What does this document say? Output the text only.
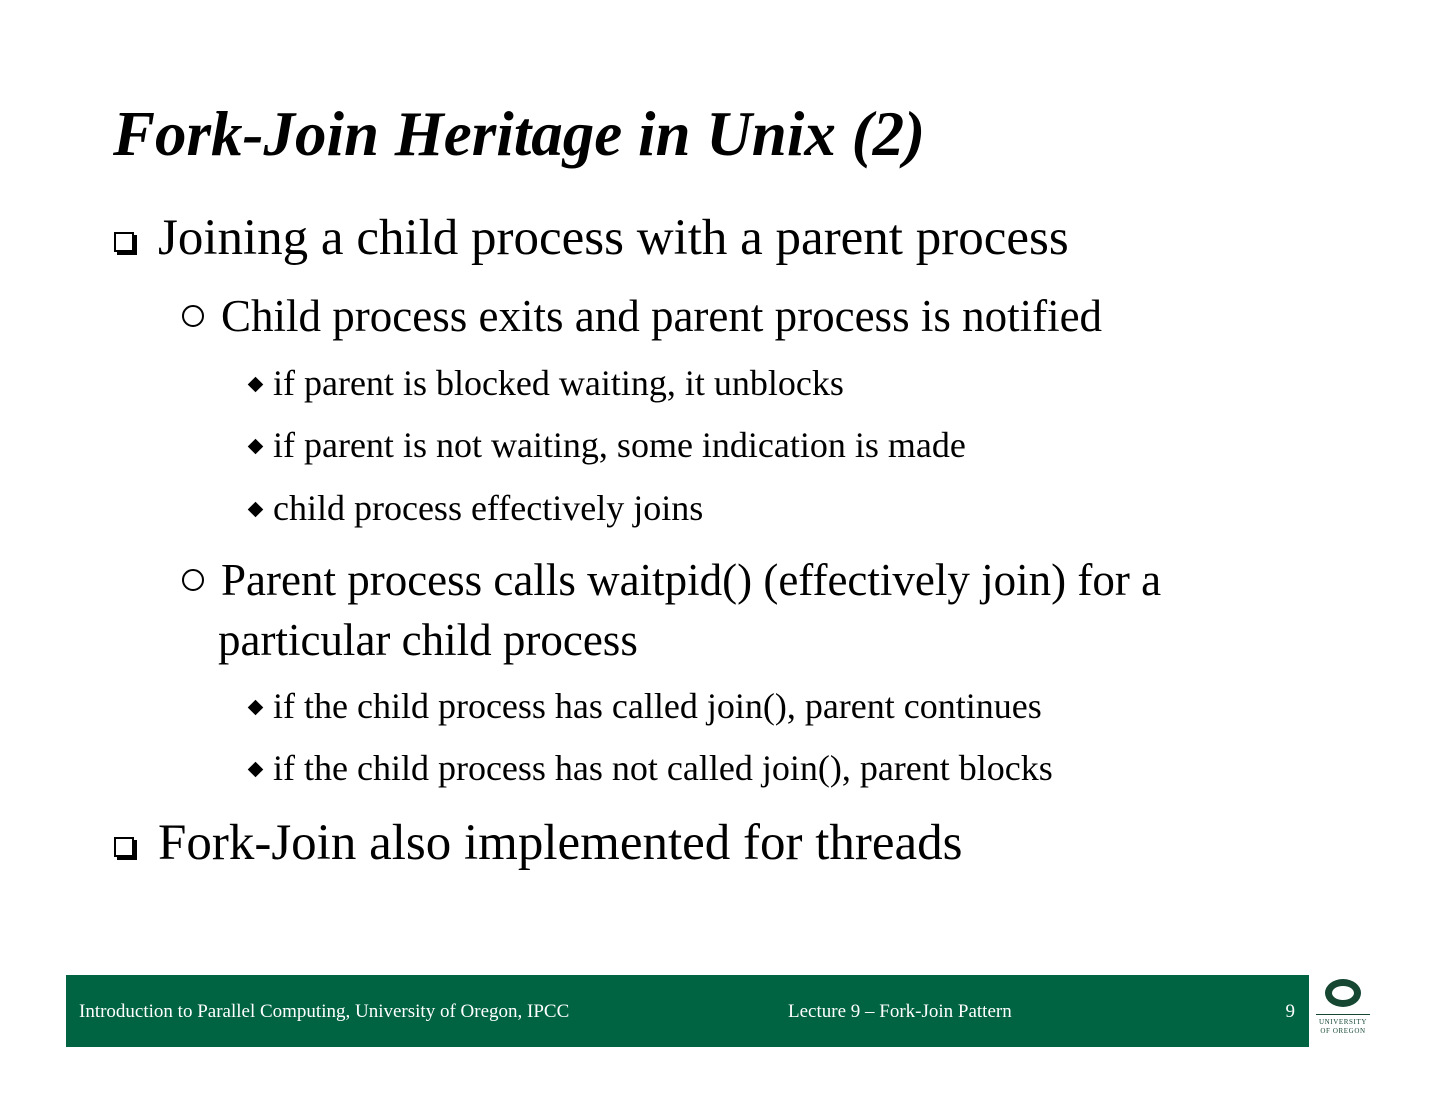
Fork-Join Heritage in Unix (2)
Joining a child process with a parent process
Child process exits and parent process is notified
if parent is blocked waiting, it unblocks
if parent is not waiting, some indication is made
child process effectively joins
Parent process calls waitpid() (effectively join) for a
particular child process
if the child process has called join(), parent continues
if the child process has not called join(), parent blocks
Fork-Join also implemented for threads
Introduction to Parallel Computing, University of Oregon, IPCC	Lecture 9 – Fork-Join Pattern	9	UNIVERSITY
OF OREGON
